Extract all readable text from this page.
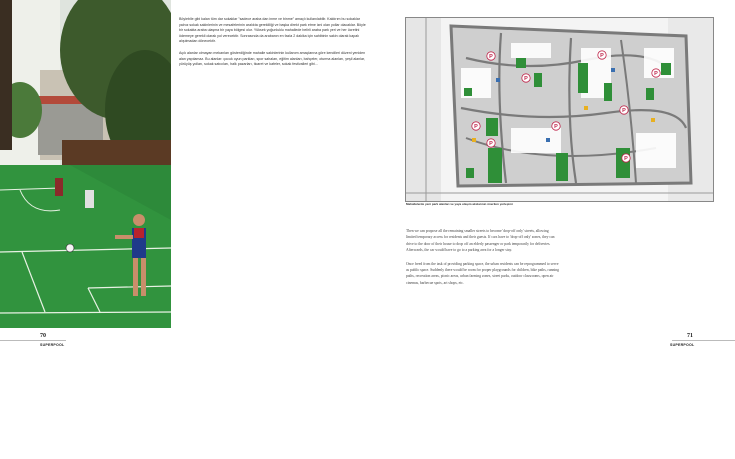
Böyleblle gibi kalan tüm dar sokaklar "sadece araba dan inme ve binme" amaçlı kullanılabilir. Kaldırım bu sokaklar yalnız sokak sakinlerinin ve mesafelerinin aralıkta gerekliliği ve başka direkt park etme izni olan yollar olacaklar. Böyle bir sokakta araba ulaşma bir yaya bölgesi olur. Yüksek yoğunluklu mahallede belirli araba park yeri ve her ücretini ödemeye gerekli olarak yol verecektir. Sonrasında da arabanın en fazla 2 dakika için sahibinin sakin olarak kapalı alışılmadan dönecektir.

Açık alanlar olmayan mekanları gösterdiğinde mahalle sakinlerinin kullanım amaçlarına göre kendileri düzeni yeniden alan yapılamaz. Bu alanlar: çocuk oyun parkları, spor sahaları, eğitim alanları, bahçeler, oturma alanları, yeşil alanlar, yürüyüş yolları, sokak satıcıları, halk pazarları, ticaret ve kafeler, sokak festivalleri gibi...

70
SUPERPOOL
P
P
P
P
P	P
P
P
P
Mahallelerde yeni park alanları ve yaya ulaşım akslarının önerilen yerleşimi

Then we can propose all the remaining smaller streets to become 'drop-off only' streets, allowing limited temporary access for residents and their guests. If cars have to 'drop-off only' zones, they can drive to the door of their house to drop off an elderly passenger or park temporarily for deliveries. Afterwards, the car would have to go to a parking area for a longer stay.

Once freed from the task of providing parking space, the urban residents can be reprogrammed to serve as public space. Suddenly there would be room for proper playgrounds for children, bike paths, running paths, recreation areas, picnic areas, urban farming zones, street parks, outdoor classrooms, open air cinemas, barbecue spots, art shops, etc.

71
SUPERPOOL
